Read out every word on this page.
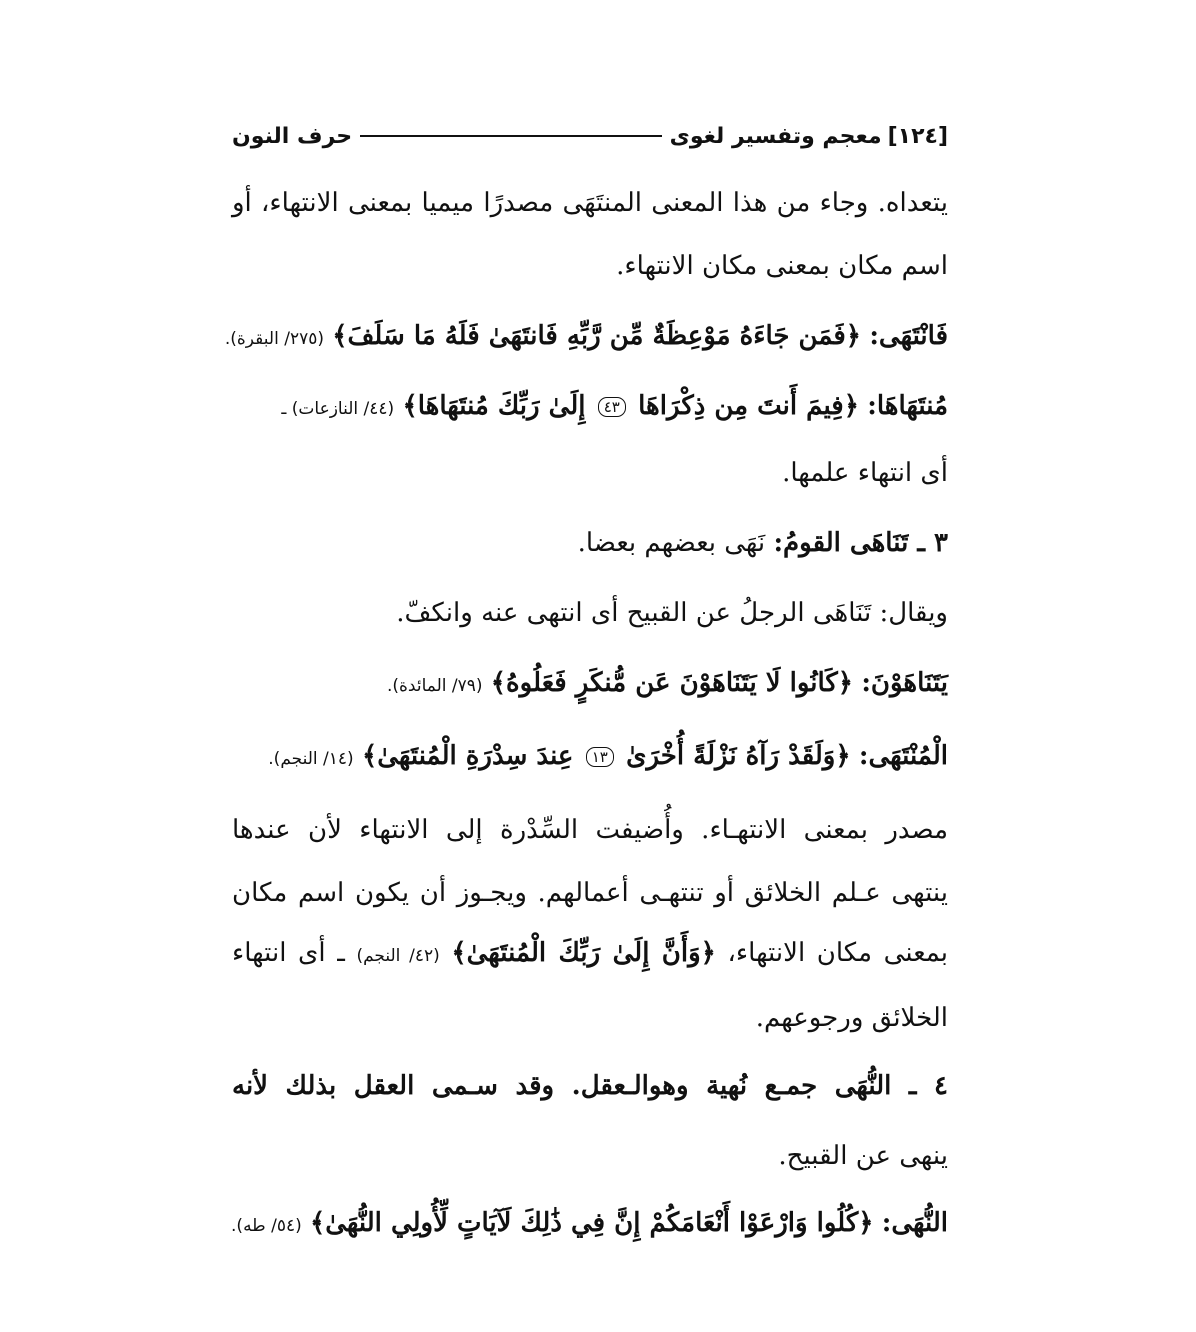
[١٢٤]
معجم وتفسير لغوى
حرف النون
يتعداه. وجاء من هذا المعنى المنتَهَى مصدرًا ميميا بمعنى الانتهاء، أو
اسم مكان بمعنى مكان الانتهاء.
فَانْتَهَى: ﴿فَمَن جَاءَهُ مَوْعِظَةٌ مِّن رَّبِّهِ فَانتَهَىٰ فَلَهُ مَا سَلَفَ﴾ (٢٧٥/ البقرة).
مُنتَهَاهَا: ﴿فِيمَ أَنتَ مِن ذِكْرَاهَا ٤٣ إِلَىٰ رَبِّكَ مُنتَهَاهَا﴾ (٤٤/ النازعات) ـ
أى انتهاء علمها.
٣ ـ تَنَاهَى القومُ: نَهَى بعضهم بعضا.
ويقال: تَنَاهَى الرجلُ عن القبيح أى انتهى عنه وانكفّ.
يَتَنَاهَوْنَ: ﴿كَانُوا لَا يَتَنَاهَوْنَ عَن مُّنكَرٍ فَعَلُوهُ﴾ (٧٩/ المائدة).
الْمُنْتَهَى: ﴿وَلَقَدْ رَآهُ نَزْلَةً أُخْرَىٰ ١٣ عِندَ سِدْرَةِ الْمُنتَهَىٰ﴾ (١٤/ النجم).
مصدر بمعنى الانتهـاء. وأُضيفت السِّدْرة إلى الانتهاء لأن عندها
ينتهى عـلم الخلائق أو تنتهـى أعمالهم. ويجـوز أن يكون اسم مكان
بمعنى مكان الانتهاء، ﴿وَأَنَّ إِلَىٰ رَبِّكَ الْمُنتَهَىٰ﴾ (٤٢/ النجم) ـ أى انتهاء
الخلائق ورجوعهم.
٤ ـ النُّهَى جمـع نُهية وهوالـعقل. وقد سـمى العقل بذلك لأنه
ينهى عن القبيح.
النُّهَى: ﴿كُلُوا وَارْعَوْا أَنْعَامَكُمْ إِنَّ فِي ذَٰلِكَ لَآيَاتٍ لِّأُولِي النُّهَىٰ﴾ (٥٤/ طه).
